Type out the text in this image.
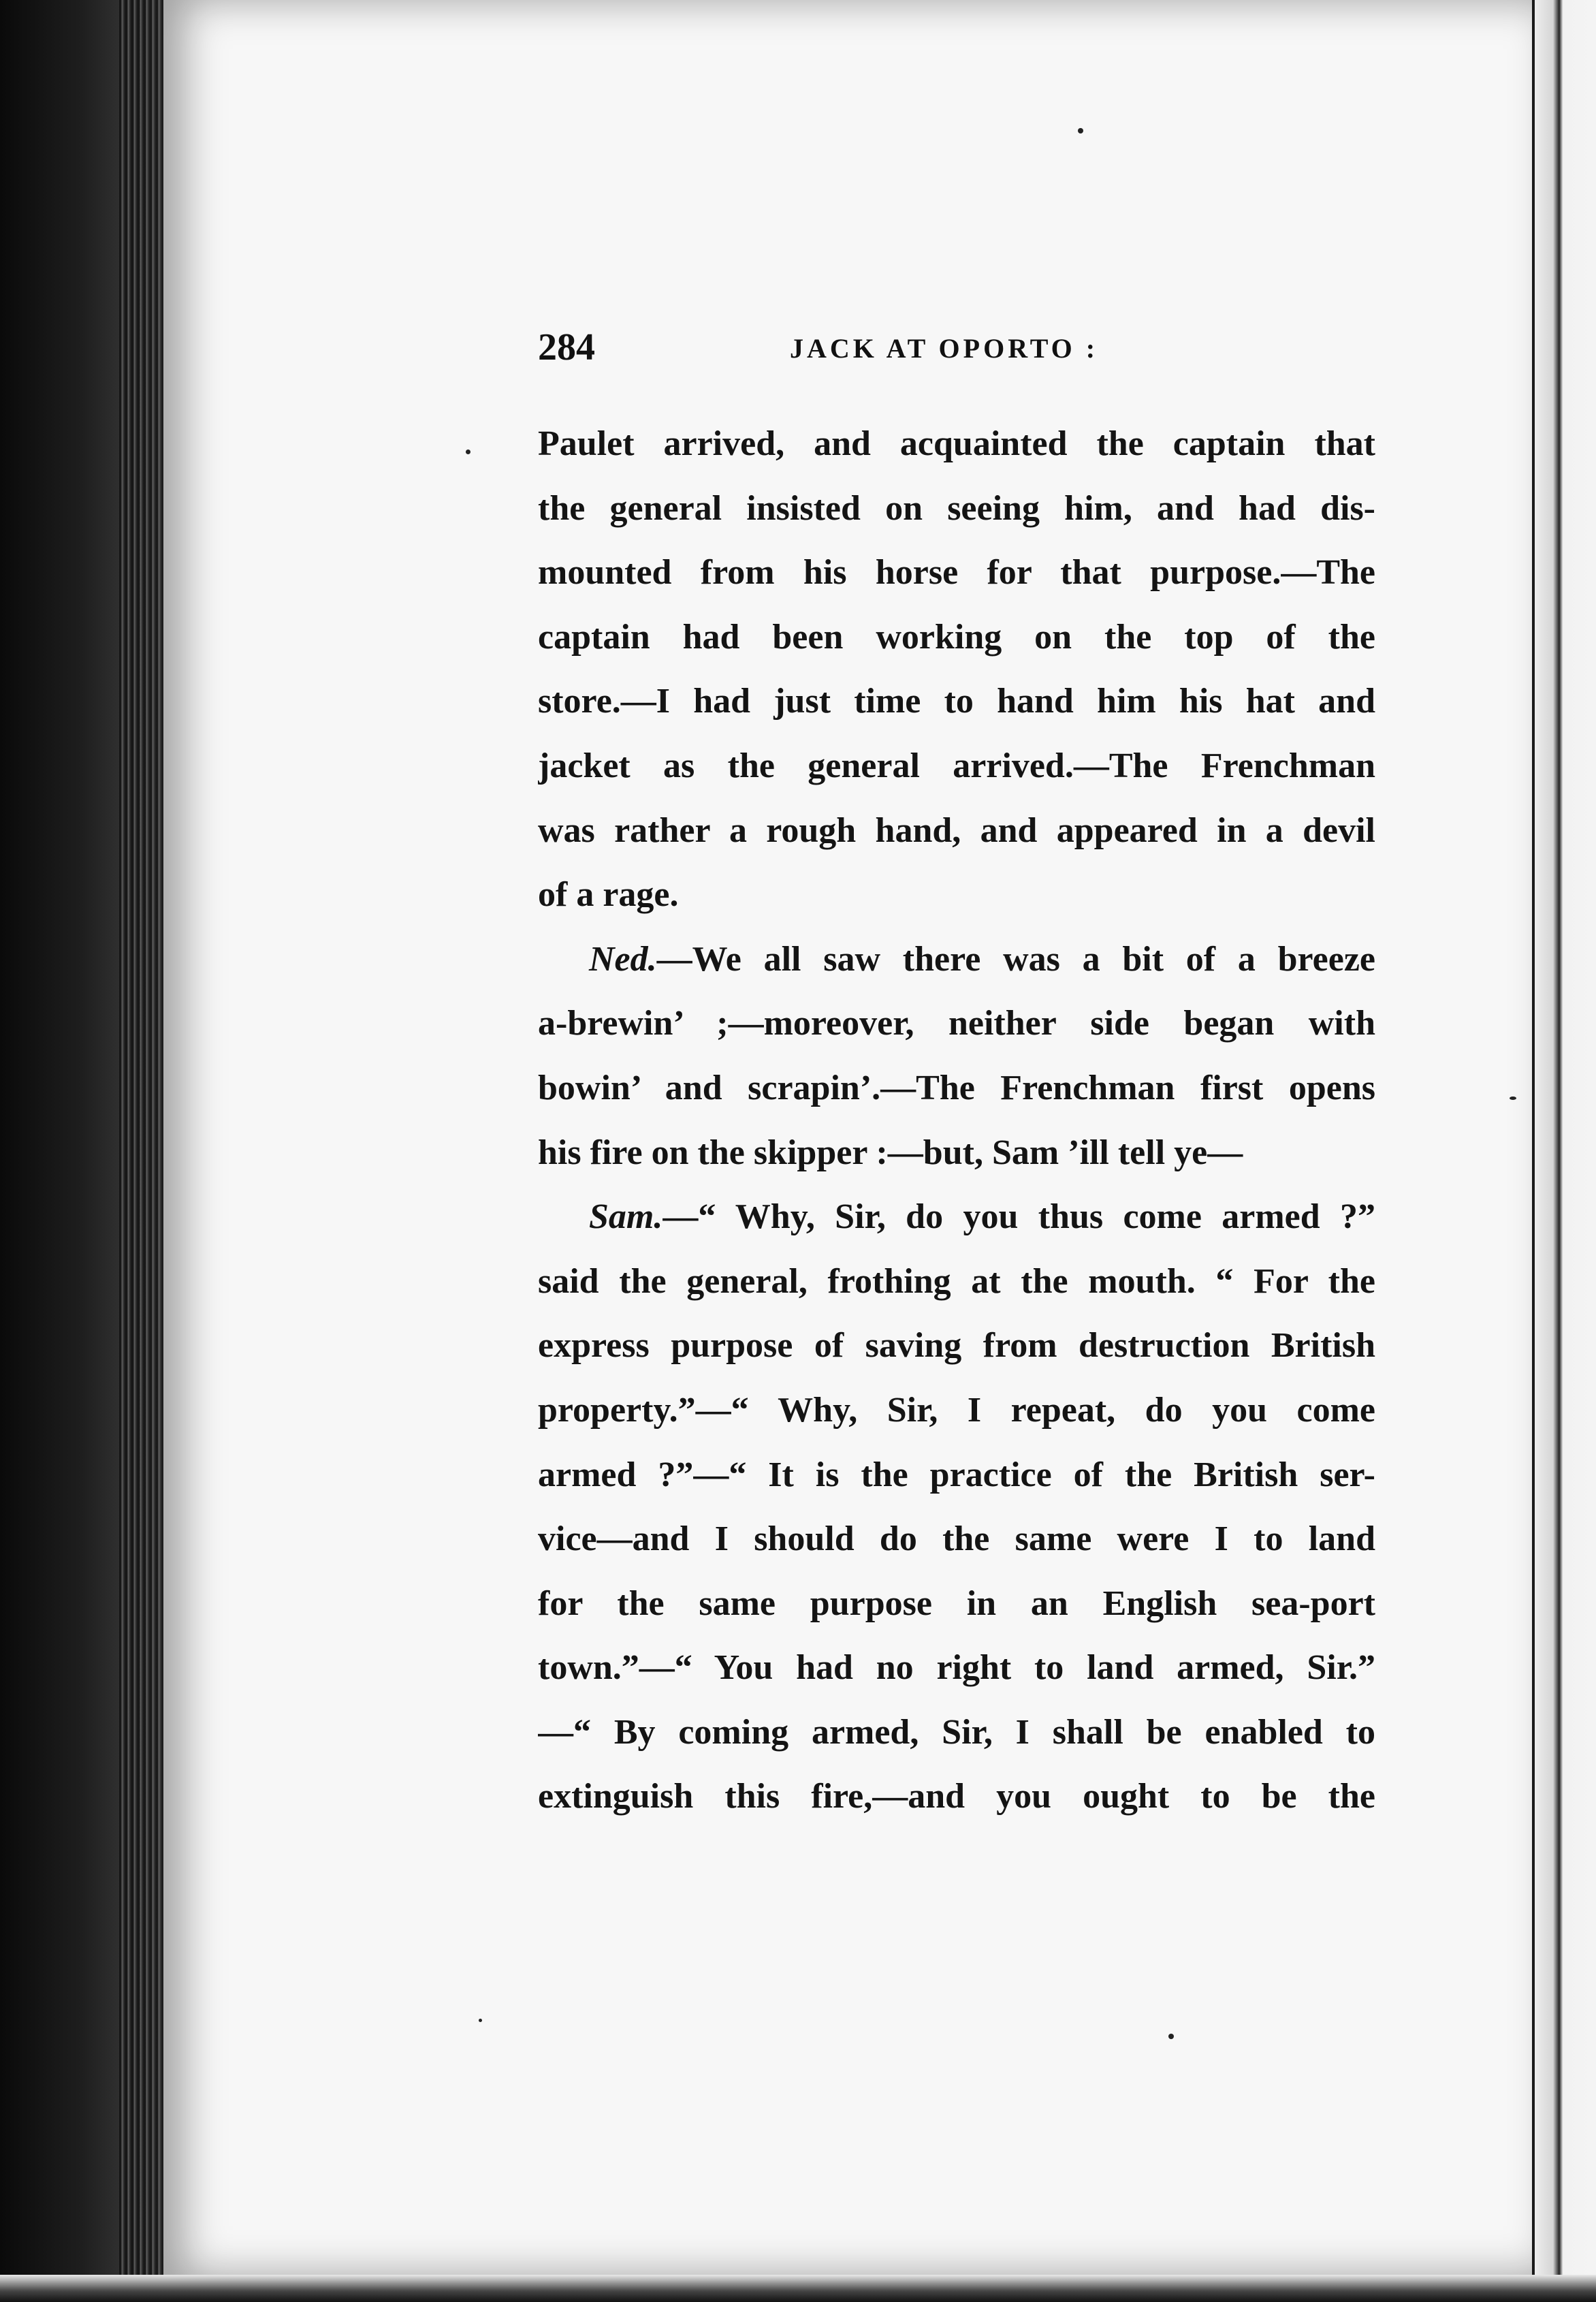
284	JACK AT OPORTO :
Paulet arrived, and acquainted the captain that
the general insisted on seeing him, and had dis-
mounted from his horse for that purpose.—The
captain had been working on the top of the
store.—I had just time to hand him his hat and
jacket as the general arrived.—The Frenchman
was rather a rough hand, and appeared in a devil
of a rage.
Ned.—We all saw there was a bit of a breeze
a-brewin’ ;—moreover, neither side began with
bowin’ and scrapin’.—The Frenchman first opens
his fire on the skipper :—but, Sam ’ill tell ye—
Sam.—“ Why, Sir, do you thus come armed ?”
said the general, frothing at the mouth. “ For the
express purpose of saving from destruction British
property.”—“ Why, Sir, I repeat, do you come
armed ?”—“ It is the practice of the British ser-
vice—and I should do the same were I to land
for the same purpose in an English sea-port
town.”—“ You had no right to land armed, Sir.”
—“ By coming armed, Sir, I shall be enabled to
extinguish this fire,—and you ought to be the
